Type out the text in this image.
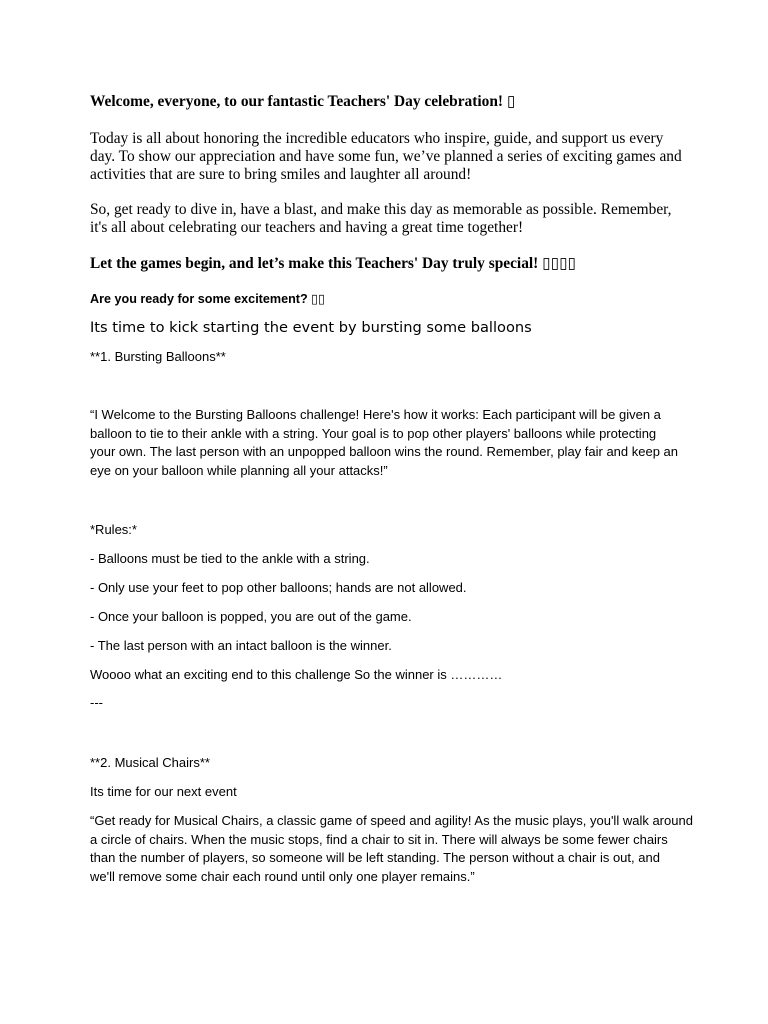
Welcome, everyone, to our fantastic Teachers' Day celebration! ▯

Today is all about honoring the incredible educators who inspire, guide, and support us every
day. To show our appreciation and have some fun, we’ve planned a series of exciting games and
activities that are sure to bring smiles and laughter all around!
So, get ready to dive in, have a blast, and make this day as memorable as possible. Remember,
it's all about celebrating our teachers and having a great time together!

Let the games begin, and let’s make this Teachers' Day truly special! ▯▯▯▯

Are you ready for some excitement? ▯▯

Its time to kick starting the event by bursting some balloons

**1. Bursting Balloons**

“I Welcome to the Bursting Balloons challenge! Here's how it works: Each participant will be given a
balloon to tie to their ankle with a string. Your goal is to pop other players' balloons while protecting
your own. The last person with an unpopped balloon wins the round. Remember, play fair and keep an
eye on your balloon while planning all your attacks!”

*Rules:*

- Balloons must be tied to the ankle with a string.

- Only use your feet to pop other balloons; hands are not allowed.

- Once your balloon is popped, you are out of the game.

- The last person with an intact balloon is the winner.

Woooo what an exciting end to this challenge So the winner is …………

---

**2. Musical Chairs**

Its time for our next event

“Get ready for Musical Chairs, a classic game of speed and agility! As the music plays, you'll walk around
a circle of chairs. When the music stops, find a chair to sit in. There will always be some fewer chairs
than the number of players, so someone will be left standing. The person without a chair is out, and
we'll remove some chair each round until only one player remains.”
